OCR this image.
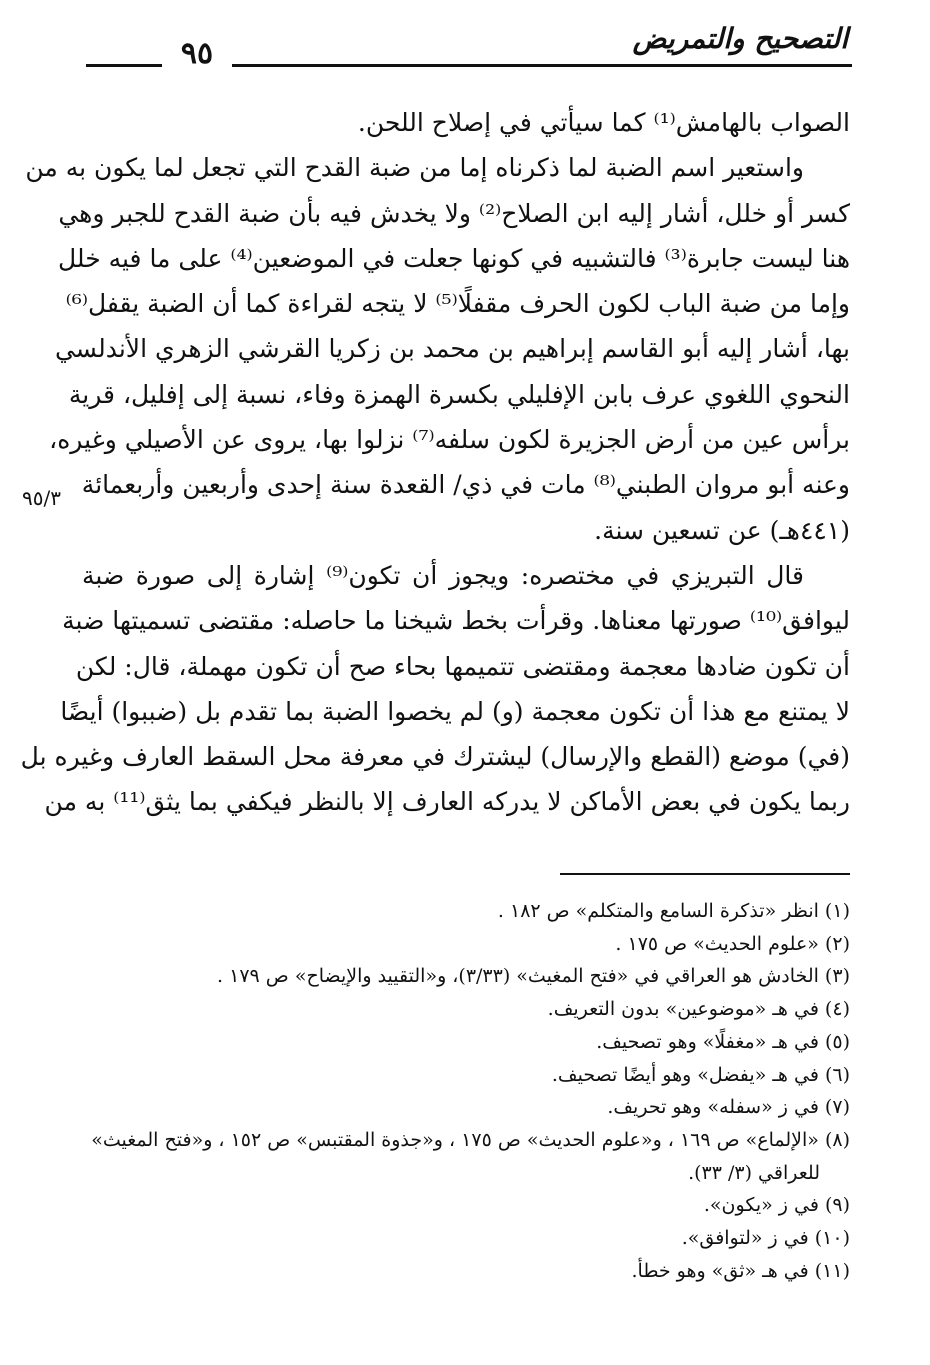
التصحيح والتمريض
٩٥

الصواب بالهامش⁽¹⁾ كما سيأتي في إصلاح اللحن.

واستعير اسم الضبة لما ذكرناه إما من ضبة القدح التي تجعل لما يكون به من
كسر أو خلل، أشار إليه ابن الصلاح⁽²⁾ ولا يخدش فيه بأن ضبة القدح للجبر وهي
هنا ليست جابرة⁽³⁾ فالتشبيه في كونها جعلت في الموضعين⁽⁴⁾ على ما فيه خلل
وإما من ضبة الباب لكون الحرف مقفلًا⁽⁵⁾ لا يتجه لقراءة كما أن الضبة يقفل⁽⁶⁾
بها، أشار إليه أبو القاسم إبراهيم بن محمد بن زكريا القرشي الزهري الأندلسي
النحوي اللغوي عرف بابن الإفليلي بكسرة الهمزة وفاء، نسبة إلى إفليل، قرية
برأس عين من أرض الجزيرة لكون سلفه⁽⁷⁾ نزلوا بها، يروى عن الأصيلي وغيره،
وعنه أبو مروان الطبني⁽⁸⁾ مات في ذي/ القعدة سنة إحدى وأربعين وأربعمائة
(٤٤١هـ) عن تسعين سنة.

قال التبريزي في مختصره: ويجوز أن تكون⁽⁹⁾ إشارة إلى صورة ضبة
ليوافق⁽¹⁰⁾ صورتها معناها. وقرأت بخط شيخنا ما حاصله: مقتضى تسميتها ضبة
أن تكون ضادها معجمة ومقتضى تتميمها بحاء صح أن تكون مهملة، قال: لكن
لا يمتنع مع هذا أن تكون معجمة (و) لم يخصوا الضبة بما تقدم بل (ضببوا) أيضًا
(في) موضع (القطع والإرسال) ليشترك في معرفة محل السقط العارف وغيره بل
ربما يكون في بعض الأماكن لا يدركه العارف إلا بالنظر فيكفي بما يثق⁽¹¹⁾ به من

٩٥/٣
(١) انظر «تذكرة السامع والمتكلم» ص ١٨٢ .
(٢) «علوم الحديث» ص ١٧٥ .
(٣) الخادش هو العراقي في «فتح المغيث» (٣/٣٣)، و«التقييد والإيضاح» ص ١٧٩ .
(٤) في هـ «موضوعين» بدون التعريف.
(٥) في هـ «مغفلًا» وهو تصحيف.
(٦) في هـ «يفضل» وهو أيضًا تصحيف.
(٧) في ز «سفله» وهو تحريف.
(٨) «الإلماع» ص ١٦٩ ، و«علوم الحديث» ص ١٧٥ ، و«جذوة المقتبس» ص ١٥٢ ، و«فتح المغيث»
للعراقي (٣/ ٣٣).
(٩) في ز «يكون».
(١٠) في ز «لتوافق».
(١١) في هـ «ثق» وهو خطأ.
